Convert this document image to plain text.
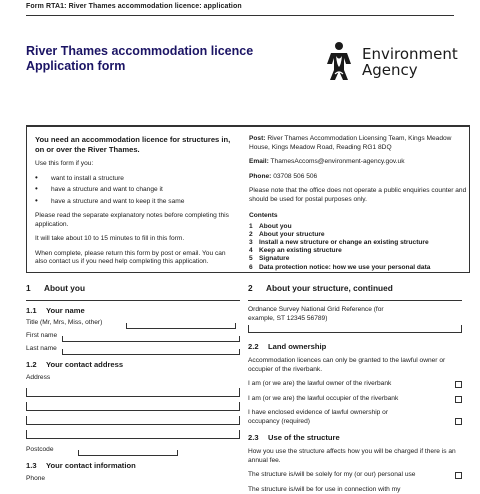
Form RTA1: River Thames accommodation licence: application
River Thames accommodation licence
Application form
Environment
Agency
You need an accommodation licence for structures in, on or over the River Thames.
Use this form if you:
• want to install a structure
• have a structure and want to change it
• have a structure and want to keep it the same
Please read the separate explanatory notes before completing this application.
It will take about 10 to 15 minutes to fill in this form.
When complete, please return this form by post or email. You can also contact us if you need help completing this application.
Post: River Thames Accommodation Licensing Team, Kings Meadow House, Kings Meadow Road, Reading RG1 8DQ
Email: ThamesAccoms@environment-agency.gov.uk
Phone: 03708 506 506
Please note that the office does not operate a public enquiries counter and should be used for postal purposes only.
Contents
1 About you
2 About your structure
3 Install a new structure or change an existing structure
4 Keep an existing structure
5 Signature
6 Data protection notice: how we use your personal data
1 About you
1.1 Your name
Title (Mr, Mrs, Miss, other)
First name
Last name
1.2 Your contact address
Address
Postcode
1.3 Your contact information
Phone
2 About your structure, continued
Ordnance Survey National Grid Reference (for example, ST 12345 56789)
2.2 Land ownership
Accommodation licences can only be granted to the lawful owner or occupier of the riverbank.
I am (or we are) the lawful owner of the riverbank
I am (or we are) the lawful occupier of the riverbank
I have enclosed evidence of lawful ownership or occupancy (required)
2.3 Use of the structure
How you use the structure affects how you will be charged if there is an annual fee.
The structure is/will be solely for my (or our) personal use
The structure is/will be for use in connection with my
